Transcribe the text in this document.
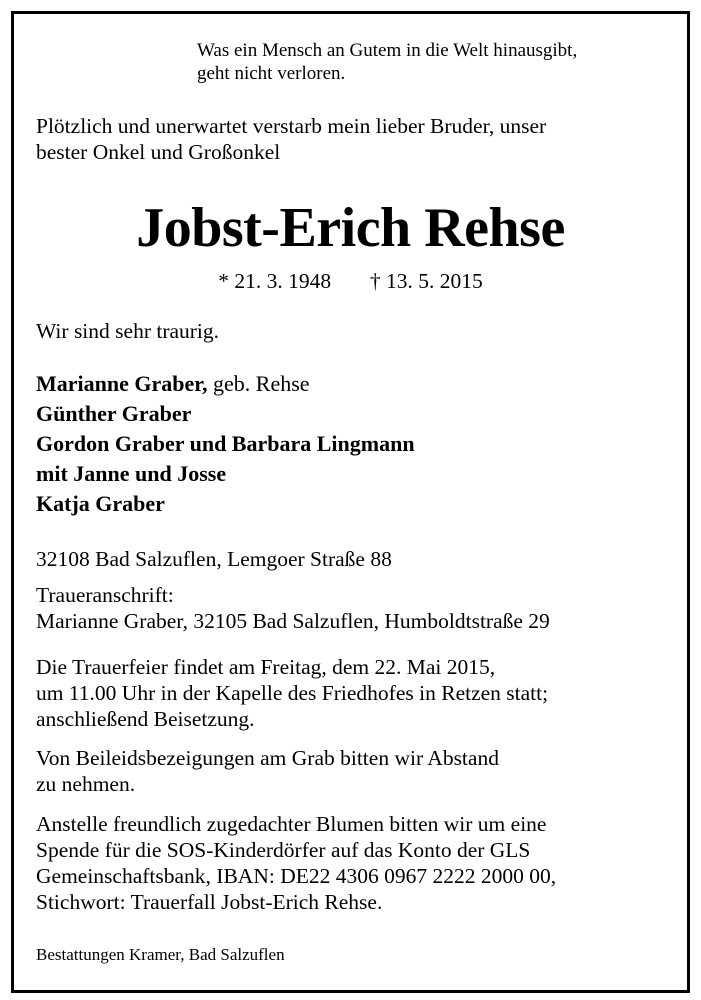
Was ein Mensch an Gutem in die Welt hinausgibt,

geht nicht verloren.

Plötzlich und unerwartet verstarb mein lieber Bruder, unser

bester Onkel und Großonkel

Jobst-Erich Rehse

* 21. 3. 1948 † 13. 5. 2015

Wir sind sehr traurig.

Marianne Graber, geb. Rehse

Günther Graber

Gordon Graber und Barbara Lingmann

mit Janne und Josse

Katja Graber

32108 Bad Salzuflen, Lemgoer Straße 88

Traueranschrift:

Marianne Graber, 32105 Bad Salzuflen, Humboldtstraße 29

Die Trauerfeier findet am Freitag, dem 22. Mai 2015,

um 11.00 Uhr in der Kapelle des Friedhofes in Retzen statt;

anschließend Beisetzung.

Von Beileidsbezeigungen am Grab bitten wir Abstand

zu nehmen.

Anstelle freundlich zugedachter Blumen bitten wir um eine

Spende für die SOS-Kinderdörfer auf das Konto der GLS

Gemeinschaftsbank, IBAN: DE22 4306 0967 2222 2000 00,

Stichwort: Trauerfall Jobst-Erich Rehse.

Bestattungen Kramer, Bad Salzuflen
